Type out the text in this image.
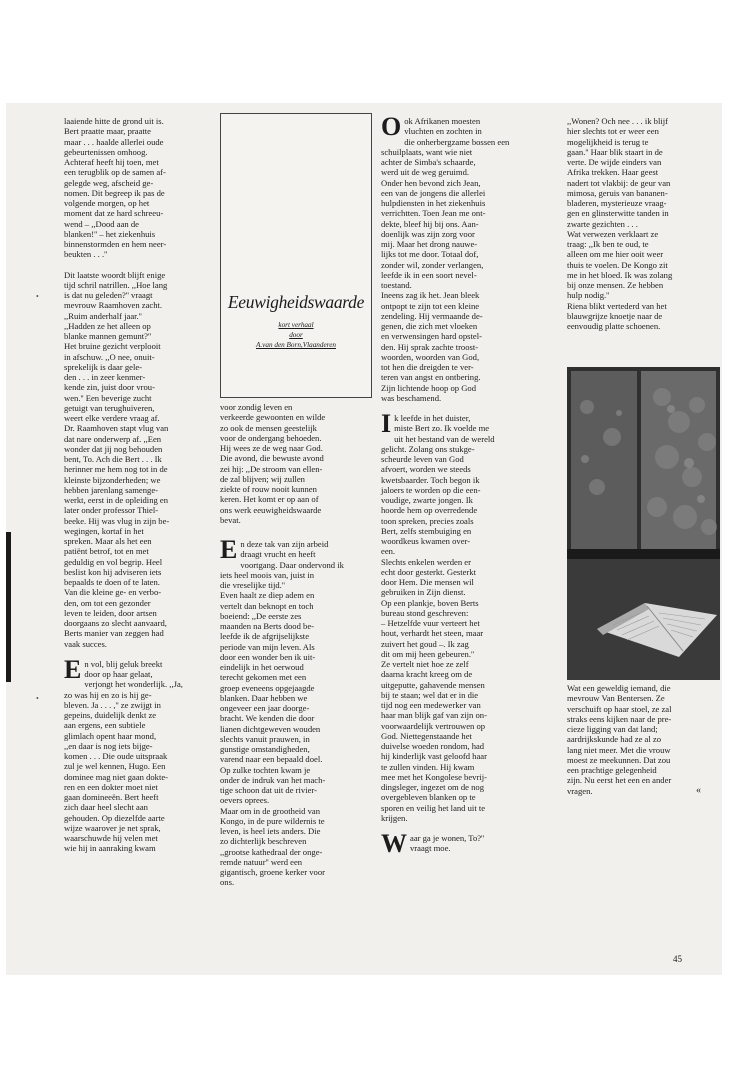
•
•

laaiende hitte de grond uit is.
Bert praatte maar, praatte
maar . . . haalde allerlei oude
gebeurtenissen omhoog.
Achteraf heeft hij toen, met
een terugblik op de samen af-
gelegde weg, afscheid ge-
nomen. Dit begreep ik pas de
volgende morgen, op het
moment dat ze hard schreeu-
wend – ,,Dood aan de
blanken!'' – het ziekenhuis
binnenstormden en hem neer-
beukten . . .''

Dit laatste woordt blijft enige
tijd schril natrillen. ,,Hoe lang
is dat nu geleden?'' vraagt
mevrouw Raamhoven zacht.
,,Ruim anderhalf jaar.''
,,Hadden ze het alleen op
blanke mannen gemunt?''
Het bruine gezicht verplooit
in afschuw. ,,O nee, onuit-
sprekelijk is daar gele-
den . . . in zeer kenmer-
kende zin, juist door vrou-
wen.'' Een beverige zucht
getuigt van terughuiveren,
weert elke verdere vraag af.
Dr. Raamhoven stapt vlug van
dat nare onderwerp af. ,,Een
wonder dat jij nog behouden
bent, To. Ach die Bert . . . Ik
herinner me hem nog tot in de
kleinste bijzonderheden; we
hebben jarenlang samenge-
werkt, eerst in de opleiding en
later onder professor Thiel-
beeke. Hij was vlug in zijn be-
wegingen, kortaf in het
spreken. Maar als het een
patiënt betrof, tot en met
geduldig en vol begrip. Heel
beslist kon hij adviseren iets
bepaalds te doen of te laten.
Van die kleine ge- en verbo-
den, om tot een gezonder
leven te leiden, door artsen
doorgaans zo slecht aanvaard,
Berts manier van zeggen had
vaak succes.

En vol, blij geluk breekt
door op haar gelaat,
verjongt het wonderlijk. ,,Ja,
zo was hij en zo is hij ge-
bleven. Ja . . . ,'' ze zwijgt in
gepeins, duidelijk denkt ze
aan ergens, een subtiele
glimlach opent haar mond,
,,en daar is nog iets bijge-
komen . . . Die oude uitspraak
zul je wel kennen, Hugo. Een
dominee mag niet gaan dokte-
ren en een dokter moet niet
gaan domineeën. Bert heeft
zich daar heel slecht aan
gehouden. Op diezelfde aarte
wijze waarover je net sprak,
waarschuwde hij velen met
wie hij in aanraking kwam

Eeuwigheidswaarde
kort verhaal
door
A.van den Born,Vlaanderen

voor zondig leven en
verkeerde gewoonten en wilde
zo ook de mensen geestelijk
voor de ondergang behoeden.
Hij wees ze de weg naar God.
Die avond, die bewuste avond
zei hij: ,,De stroom van ellen-
de zal blijven; wij zullen
ziekte of rouw nooit kunnen
keren. Het komt er op aan of
ons werk eeuwigheidswaarde
bevat.

En deze tak van zijn arbeid
draagt vrucht en heeft
voortgang. Daar ondervond ik
iets heel moois van, juist in
die vreselijke tijd.''
Even haalt ze diep adem en
vertelt dan beknopt en toch
boeiend: ,,De eerste zes
maanden na Berts dood be-
leefde ik de afgrijselijkste
periode van mijn leven. Als
door een wonder ben ik uit-
eindelijk in het oerwoud
terecht gekomen met een
groep eveneens opgejaagde
blanken. Daar hebben we
ongeveer een jaar doorge-
bracht. We kenden die door
lianen dichtgeweven wouden
slechts vanuit prauwen, in
gunstige omstandigheden,
varend naar een bepaald doel.
Op zulke tochten kwam je
onder de indruk van het mach-
tige schoon dat uit de rivier-
oevers oprees.
Maar om in de grootheid van
Kongo, in de pure wildernis te
leven, is heel iets anders. Die
zo dichterlijk beschreven
,,grootse kathedraal der onge-
remde natuur'' werd een
gigantisch, groene kerker voor
ons.

Ook Afrikanen moesten
vluchten en zochten in
die onherbergzame bossen een
schuilplaats, want wie niet
achter de Simba's schaarde,
werd uit de weg geruimd.
Onder hen bevond zich Jean,
een van de jongens die allerlei
hulpdiensten in het ziekenhuis
verrichtten. Toen Jean me ont-
dekte, bleef hij bij ons. Aan-
doenlijk was zijn zorg voor
mij. Maar het drong nauwe-
lijks tot me door. Totaal dof,
zonder wil, zonder verlangen,
leefde ik in een soort nevel-
toestand.
Ineens zag ik het. Jean bleek
ontpopt te zijn tot een kleine
zendeling. Hij vermaande de-
genen, die zich met vloeken
en verwensingen hard opstel-
den. Hij sprak zachte troost-
woorden, woorden van God,
tot hen die dreigden te ver-
teren van angst en ontbering.
Zijn lichtende hoop op God
was beschamend.

Ik leefde in het duister,
miste Bert zo. Ik voelde me
uit het bestand van de wereld
gelicht. Zolang ons stukge-
scheurde leven van God
afvoert, worden we steeds
kwetsbaarder. Toch begon ik
jaloers te worden op die een-
voudige, zwarte jongen. Ik
hoorde hem op overredende
toon spreken, precies zoals
Bert, zelfs stembuiging en
woordkeus kwamen over-
een.
Slechts enkelen werden er
echt door gesterkt. Gesterkt
door Hem. Die mensen wil
gebruiken in Zijn dienst.
Op een plankje, boven Berts
bureau stond geschreven:
– Hetzelfde vuur verteert het
hout, verhardt het steen, maar
zuivert het goud –. Ik zag
dit om mij heen gebeuren.''
Ze vertelt niet hoe ze zelf
daarna kracht kreeg om de
uitgeputte, gahavende mensen
bij te staan; wel dat er in die
tijd nog een medewerker van
haar man blijk gaf van zijn on-
voorwaardelijk vertrouwen op
God. Niettegenstaande het
duivelse woeden rondom, had
hij kinderlijk vast geloofd haar
te zullen vinden. Hij kwam
mee met het Kongolese bevrij-
dingsleger, ingezet om de nog
overgebleven blanken op te
sporen en veilig het land uit te
krijgen.

Waar ga je wonen, To?''
vraagt moe.

,,Wonen? Och nee . . . ik blijf
hier slechts tot er weer een
mogelijkheid is terug te
gaan.'' Haar blik staart in de
verte. De wijde einders van
Afrika trekken. Haar geest
nadert tot vlakbij: de geur van
mimosa, geruis van bananen-
bladeren, mysterieuze vraag-
gen en glinsterwitte tanden in
zwarte gezichten . . .
Wat verwezen verklaart ze
traag: ,,Ik ben te oud, te
alleen om me hier ooit weer
thuis te voelen. De Kongo zit
me in het bloed. Ik was zolang
bij onze mensen. Ze hebben
hulp nodig.''
Riena blikt vertederd van het
blauwgrijze knoetje naar de
eenvoudig platte schoenen.

Wat een geweldig iemand, die
mevrouw Van Bentersen. Ze
verschuift op haar stoel, ze zal
straks eens kijken naar de pre-
cieze ligging van dat land;
aardrijkskunde had ze al zo
lang niet meer. Met die vrouw
moest ze meekunnen. Dat zou
een prachtige gelegenheid
zijn. Nu eerst het een en ander
vragen.	«

45
